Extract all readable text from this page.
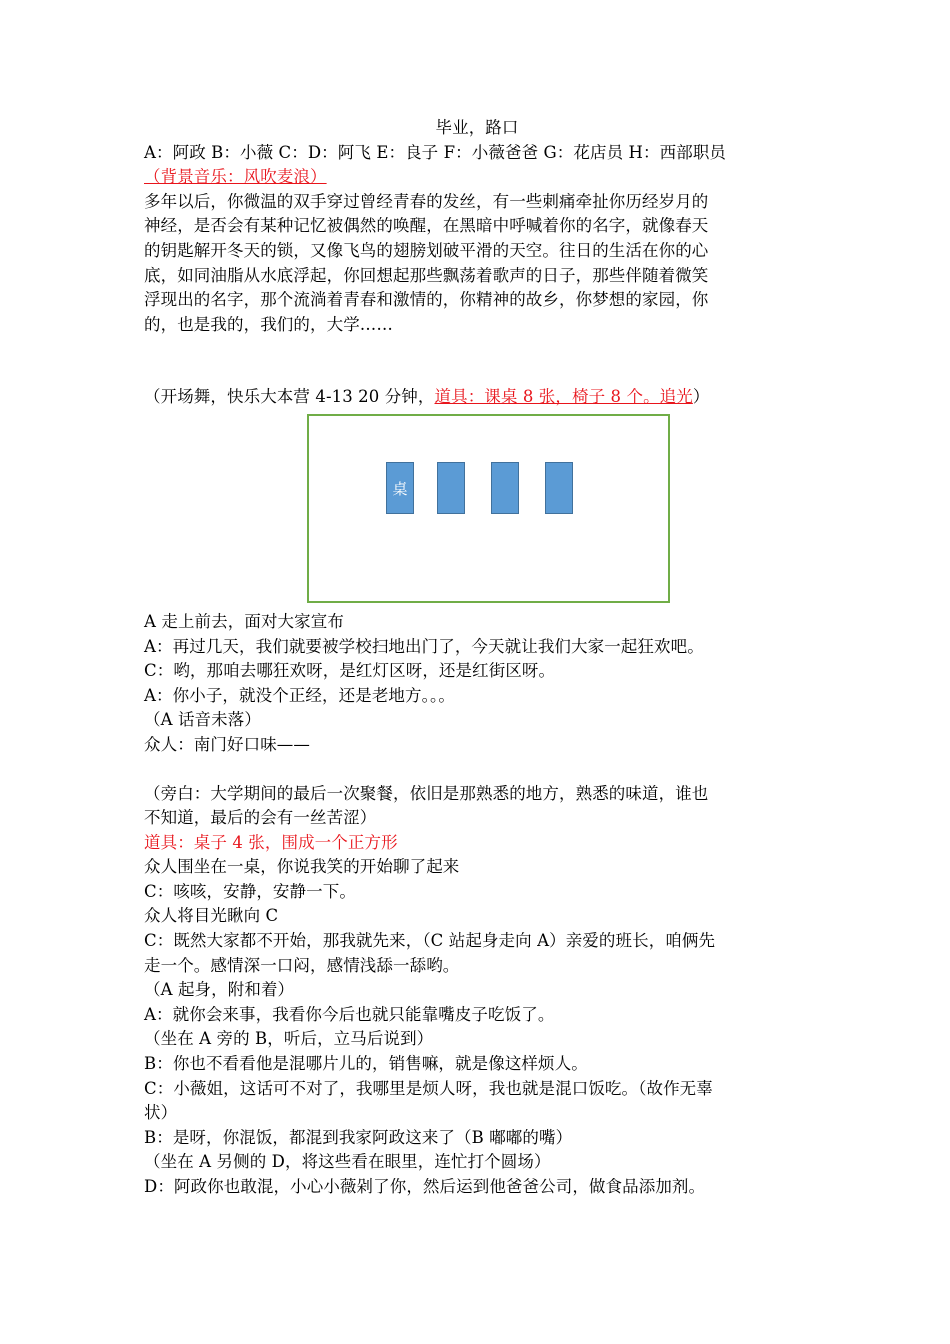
毕业，路口
A：阿政 B：小薇 C：D：阿飞 E：良子 F：小薇爸爸 G：花店员 H：西部职员
（背景音乐：风吹麦浪）
多年以后，你微温的双手穿过曾经青春的发丝，有一些刺痛牵扯你历经岁月的
神经，是否会有某种记忆被偶然的唤醒，在黑暗中呼喊着你的名字，就像春天
的钥匙解开冬天的锁，又像飞鸟的翅膀划破平滑的天空。往日的生活在你的心
底，如同油脂从水底浮起，你回想起那些飘荡着歌声的日子，那些伴随着微笑
浮现出的名字，那个流淌着青春和激情的，你精神的故乡，你梦想的家园，你
的，也是我的，我们的，大学……
（开场舞，快乐大本营 4-13 20 分钟，道具：课桌 8 张，椅子 8 个。追光）
桌
A 走上前去，面对大家宣布
A：再过几天，我们就要被学校扫地出门了，今天就让我们大家一起狂欢吧。
C：哟，那咱去哪狂欢呀，是红灯区呀，还是红街区呀。
A：你小子，就没个正经，还是老地方。。。
（A 话音未落）
众人：南门好口味——
（旁白：大学期间的最后一次聚餐，依旧是那熟悉的地方，熟悉的味道，谁也
不知道，最后的会有一丝苦涩）
道具：桌子 4 张，围成一个正方形
众人围坐在一桌，你说我笑的开始聊了起来
C：咳咳，安静，安静一下。
众人将目光瞅向 C
C：既然大家都不开始，那我就先来，（C 站起身走向 A）亲爱的班长，咱俩先
走一个。感情深一口闷，感情浅舔一舔哟。
（A 起身，附和着）
A：就你会来事，我看你今后也就只能靠嘴皮子吃饭了。
（坐在 A 旁的 B，听后，立马后说到）
B：你也不看看他是混哪片儿的，销售嘛，就是像这样烦人。
C：小薇姐，这话可不对了，我哪里是烦人呀，我也就是混口饭吃。（故作无辜
状）
B：是呀，你混饭，都混到我家阿政这来了（B 嘟嘟的嘴）
（坐在 A 另侧的 D，将这些看在眼里，连忙打个圆场）
D：阿政你也敢混，小心小薇剁了你，然后运到他爸爸公司，做食品添加剂。
